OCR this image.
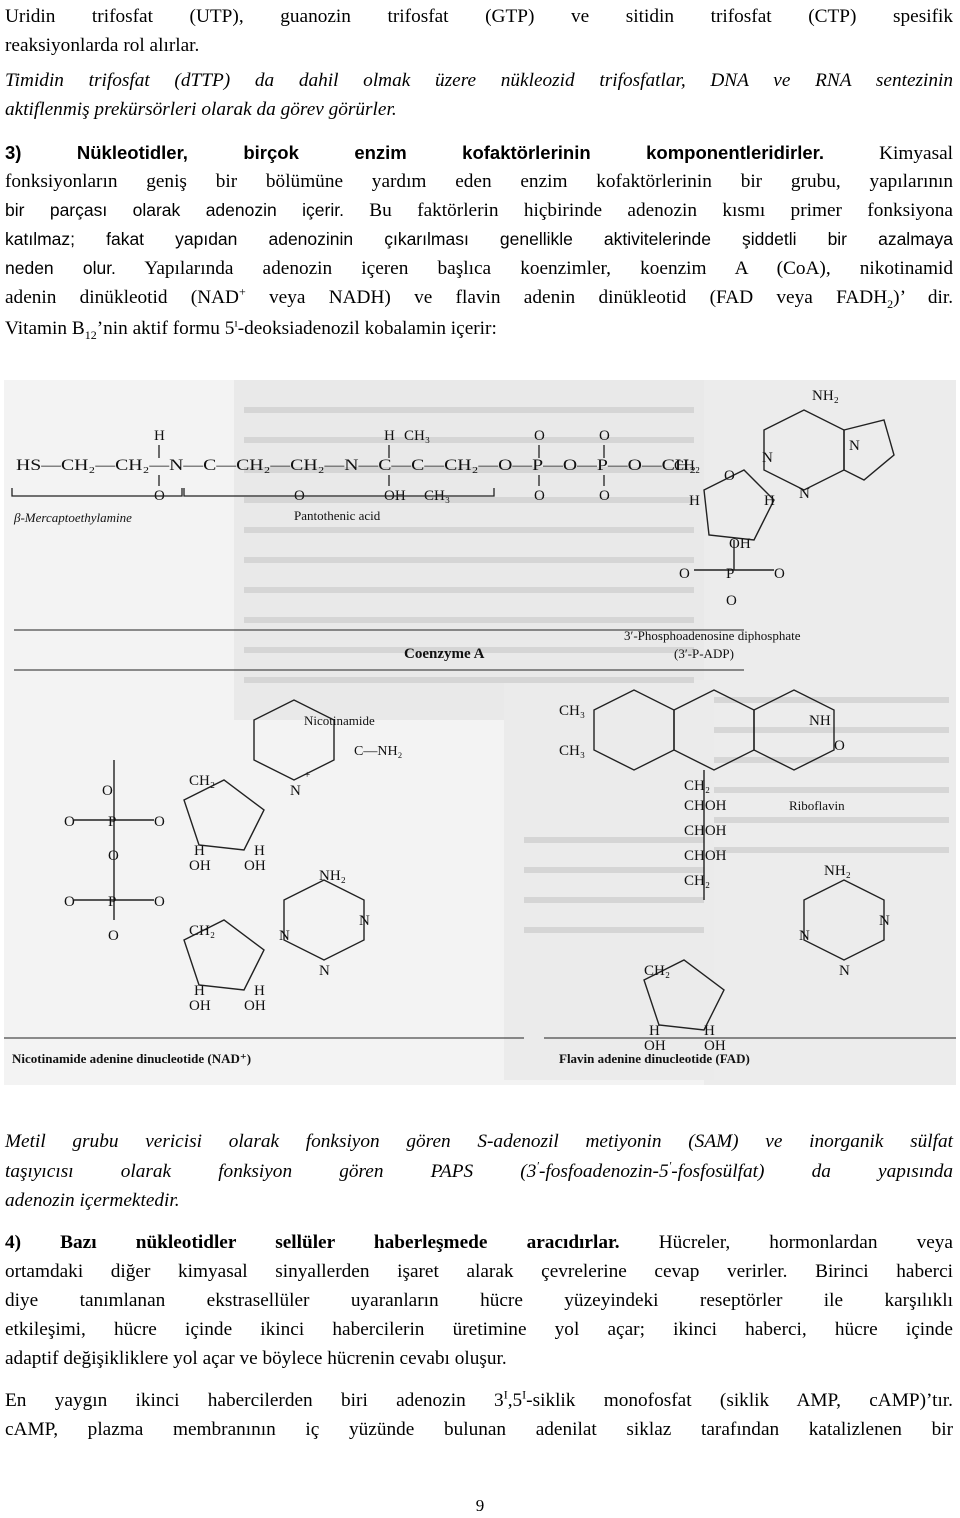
Uridin trifosfat (UTP), guanozin trifosfat (GTP) ve sitidin trifosfat (CTP) spesifik

reaksiyonlarda rol alırlar.

Timidin trifosfat (dTTP) da dahil olmak üzere nükleozid trifosfatlar, DNA ve RNA sentezinin

aktiflenmiş prekürsörleri olarak da görev görürler.

3) Nükleotidler, birçok enzim kofaktörlerinin komponentleridirler.	Kimyasal

fonksiyonların geniş bir bölümüne yardım eden enzim kofaktörlerinin bir grubu, yapılarının

bir parçası olarak adenozin içerir. Bu faktörlerin hiçbirinde adenozin kısmı primer fonksiyona

katılmaz; fakat yapıdan adenozinin çıkarılması genellikle aktivitelerinde şiddetli bir azalmaya

neden olur. Yapılarında adenozin içeren başlıca koenzimler, koenzim A (CoA), nikotinamid

adenin dinükleotid (NAD+ veya NADH) ve flavin adenin dinükleotid (FAD veya $FADH_2$)’ dir.

Vitamin $B_{12}’nin$ aktif formu $5^ı$-deoksiadenozil kobalamin içerir:

HS—CH₂—CH₂—N—C—CH₂—CH₂—N—C—C—CH₂—O—P—O—P—O—CH₂
H
O
H CH₃
O	OH CH₃
O	O
O	O
β-Mercaptoethylamine	Pantothenic acid
NH₂
N
N
N
O
CH₂
H	H
OH
O P	O
O
3′-Phosphoadenosine diphosphate
(3′-P-ADP)
Coenzyme A
C—NH₂
Nicotinamide
N
+
CH₂
O
O P	O
O
O P	O
O
H	H
OH OH
CH₂
NH₂
N
N
N
H	H
OH OH
CH₃
CH₃
NH
O
CH₂
CHOH
CHOH
CHOH
CH₂
Riboflavin
NH₂
N
N
N
CH₂
H	H
OH	OH
Nicotinamide adenine dinucleotide (NAD⁺)	Flavin adenine dinucleotide (FAD)

Metil grubu vericisi olarak fonksiyon gören S-adenozil metiyonin (SAM) ve inorganik sülfat

taşıyıcısı olarak fonksiyon gören PAPS (3′-fosfoadenozin-5′-fosfosülfat) da yapısında

adenozin içermektedir.

4) Bazı nükleotidler sellüler haberleşmede aracıdırlar. Hücreler, hormonlardan veya

ortamdaki diğer kimyasal sinyallerden işaret alarak çevrelerine cevap verirler. Birinci haberci

diye tanımlanan ekstrasellüler uyaranların hücre yüzeyindeki reseptörler ile karşılıklı

etkileşimi, hücre içinde ikinci habercilerin üretimine yol açar; ikinci haberci, hücre içinde

adaptif değişikliklere yol açar ve böylece hücrenin cevabı oluşur.

En yaygın ikinci habercilerden biri adenozin $3^I,5^I$-siklik monofosfat (siklik AMP, cAMP)’tır.

cAMP, plazma membranının iç yüzünde bulunan adenilat siklaz tarafından katalizlenen bir

9
